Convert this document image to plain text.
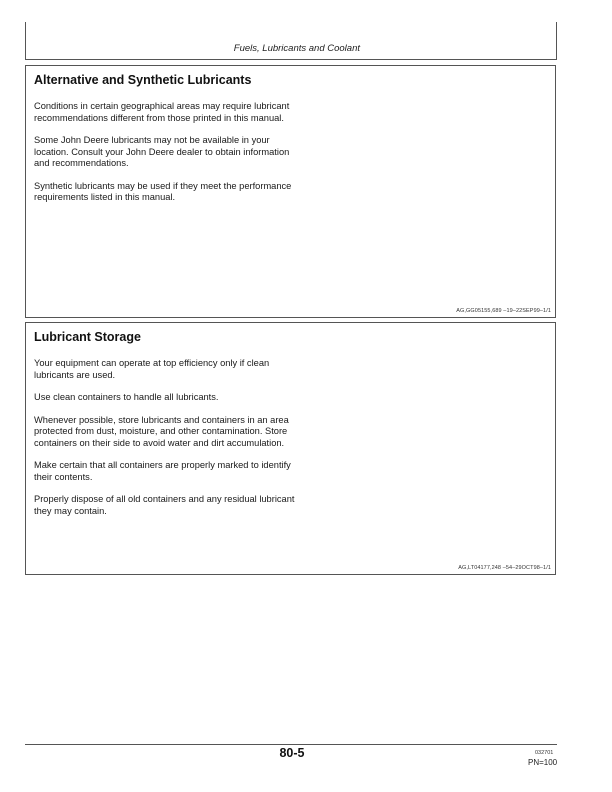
Fuels, Lubricants and Coolant
Alternative and Synthetic Lubricants

Conditions in certain geographical areas may require lubricant recommendations different from those printed in this manual.

Some John Deere lubricants may not be available in your location. Consult your John Deere dealer to obtain information and recommendations.

Synthetic lubricants may be used if they meet the performance requirements listed in this manual.

AG,GG05155,689 –19–22SEP99–1/1
Lubricant Storage

Your equipment can operate at top efficiency only if clean lubricants are used.

Use clean containers to handle all lubricants.

Whenever possible, store lubricants and containers in an area protected from dust, moisture, and other contamination. Store containers on their side to avoid water and dirt accumulation.

Make certain that all containers are properly marked to identify their contents.

Properly dispose of all old containers and any residual lubricant they may contain.

AG,LT04177,248 –54–29OCT98–1/1
80-5	032701
PN=100
